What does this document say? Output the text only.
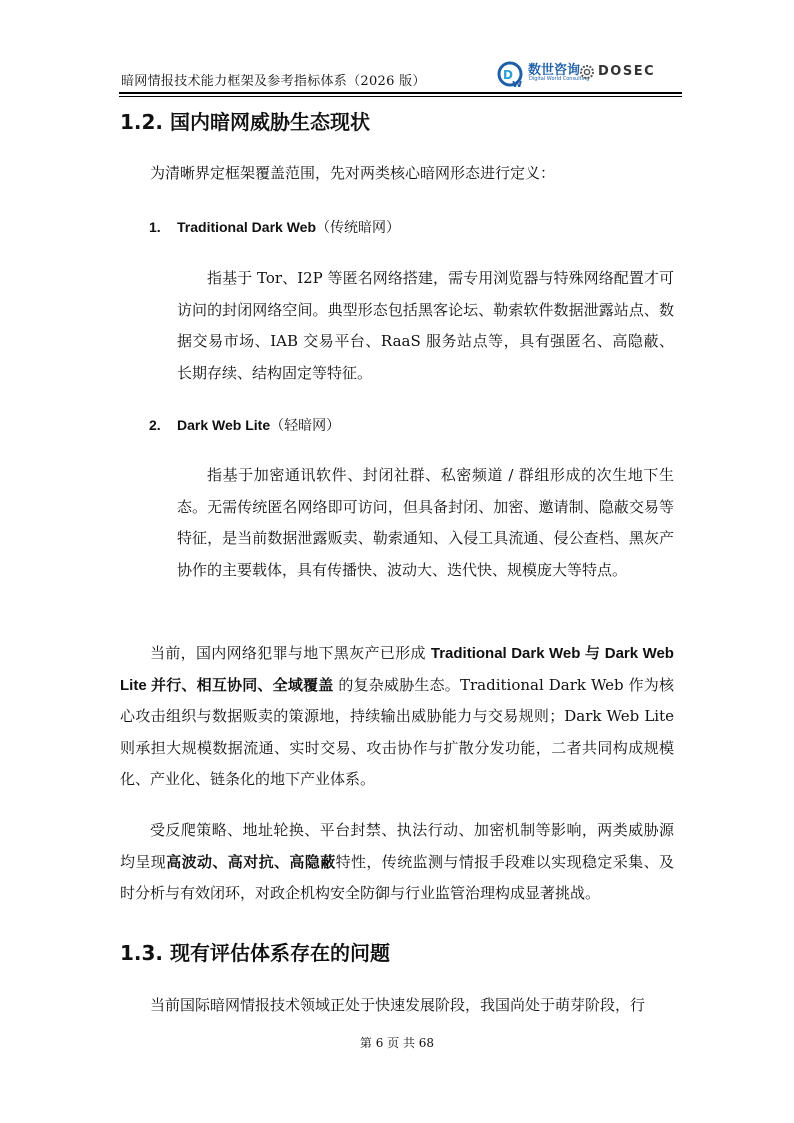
暗网情报技术能力框架及参考指标体系（2026 版）	D
w
数世咨询
Digital World Consulting DOSEC
1.2. 国内暗网威胁生态现状

为清晰界定框架覆盖范围，先对两类核心暗网形态进行定义：

1. Traditional Dark Web（传统暗网）

指基于 Tor、I2P 等匿名网络搭建，需专用浏览器与特殊网络配置才可访问的封闭网络空间。典型形态包括黑客论坛、勒索软件数据泄露站点、数据交易市场、IAB 交易平台、RaaS 服务站点等，具有强匿名、高隐蔽、长期存续、结构固定等特征。

2. Dark Web Lite（轻暗网）

指基于加密通讯软件、封闭社群、私密频道 / 群组形成的次生地下生态。无需传统匿名网络即可访问，但具备封闭、加密、邀请制、隐蔽交易等特征，是当前数据泄露贩卖、勒索通知、入侵工具流通、侵公查档、黑灰产协作的主要载体，具有传播快、波动大、迭代快、规模庞大等特点。

当前，国内网络犯罪与地下黑灰产已形成 Traditional Dark Web 与 Dark Web Lite 并行、相互协同、全域覆盖 的复杂威胁生态。Traditional Dark Web 作为核心攻击组织与数据贩卖的策源地，持续输出威胁能力与交易规则；Dark Web Lite 则承担大规模数据流通、实时交易、攻击协作与扩散分发功能，二者共同构成规模化、产业化、链条化的地下产业体系。

受反爬策略、地址轮换、平台封禁、执法行动、加密机制等影响，两类威胁源均呈现高波动、高对抗、高隐蔽特性，传统监测与情报手段难以实现稳定采集、及时分析与有效闭环，对政企机构安全防御与行业监管治理构成显著挑战。

1.3. 现有评估体系存在的问题

当前国际暗网情报技术领域正处于快速发展阶段，我国尚处于萌芽阶段，行

第 6 页 共 68
